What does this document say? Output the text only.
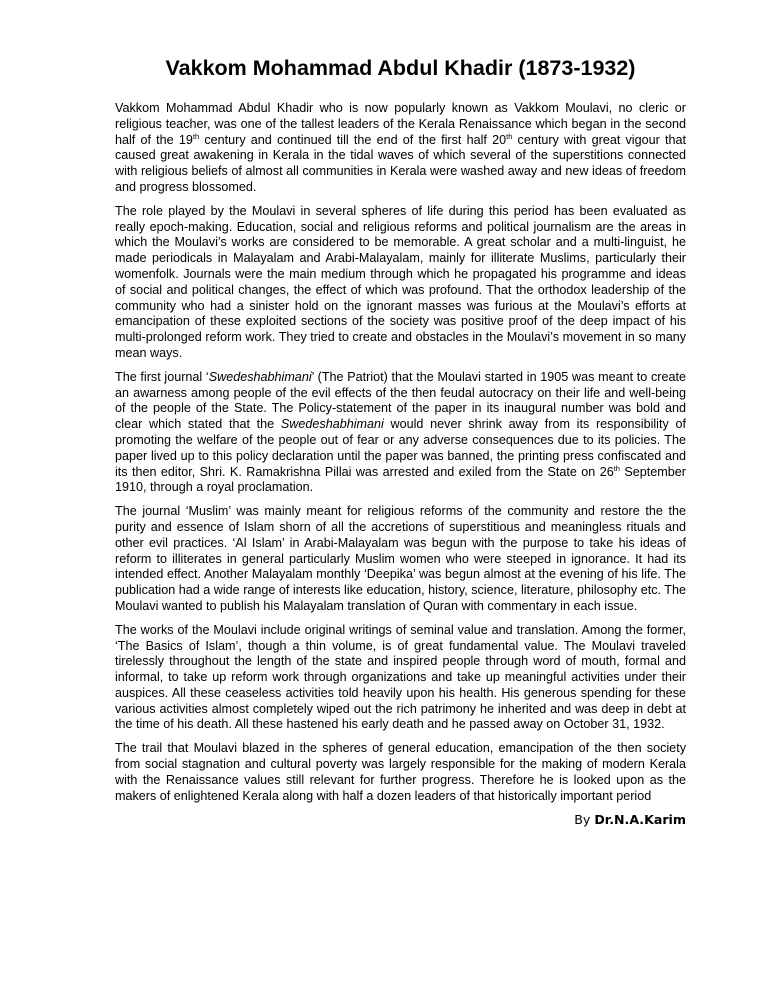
Vakkom Mohammad Abdul Khadir (1873-1932)

Vakkom Mohammad Abdul Khadir who is now popularly known as Vakkom Moulavi, no cleric or religious teacher, was one of the tallest leaders of the Kerala Renaissance which began in the second half of the 19th century and continued till the end of the first half 20th century with great vigour that caused great awakening in Kerala in the tidal waves of which several of the superstitions connected with religious beliefs of almost all communities in Kerala were washed away and new ideas of freedom and progress blossomed.

The role played by the Moulavi in several spheres of life during this period has been evaluated as really epoch-making. Education, social and religious reforms and political journalism are the areas in which the Moulavi’s works are considered to be memorable. A great scholar and a multi-linguist, he made periodicals in Malayalam and Arabi-Malayalam, mainly for illiterate Muslims, particularly their womenfolk. Journals were the main medium through which he propagated his programme and ideas of social and political changes, the effect of which was profound. That the orthodox leadership of the community who had a sinister hold on the ignorant masses was furious at the Moulavi’s efforts at emancipation of these exploited sections of the society was positive proof of the deep impact of his multi-prolonged reform work. They tried to create and obstacles in the Moulavi’s movement in so many mean ways.

The first journal ‘Swedeshabhimani’ (The Patriot) that the Moulavi started in 1905 was meant to create an awarness among people of the evil effects of the then feudal autocracy on their life and well-being of the people of the State. The Policy-statement of the paper in its inaugural number was bold and clear which stated that the Swedeshabhimani would never shrink away from its responsibility of promoting the welfare of the people out of fear or any adverse consequences due to its policies. The paper lived up to this policy declaration until the paper was banned, the printing press confiscated and its then editor, Shri. K. Ramakrishna Pillai was arrested and exiled from the State on 26th September 1910, through a royal proclamation.

The journal ‘Muslim’ was mainly meant for religious reforms of the community and restore the the purity and essence of Islam shorn of all the accretions of superstitious and meaningless rituals and other evil practices. ‘Al Islam’ in Arabi-Malayalam was begun with the purpose to take his ideas of reform to illiterates in general particularly Muslim women who were steeped in ignorance. It had its intended effect. Another Malayalam monthly ‘Deepika’ was begun almost at the evening of his life. The publication had a wide range of interests like education, history, science, literature, philosophy etc. The Moulavi wanted to publish his Malayalam translation of Quran with commentary in each issue.

The works of the Moulavi include original writings of seminal value and translation. Among the former, ‘The Basics of Islam’, though a thin volume, is of great fundamental value. The Moulavi traveled tirelessly throughout the length of the state and inspired people through word of mouth, formal and informal, to take up reform work through organizations and take up meaningful activities under their auspices. All these ceaseless activities told heavily upon his health. His generous spending for these various activities almost completely wiped out the rich patrimony he inherited and was deep in debt at the time of his death. All these hastened his early death and he passed away on October 31, 1932.

The trail that Moulavi blazed in the spheres of general education, emancipation of the then society from social stagnation and cultural poverty was largely responsible for the making of modern Kerala with the Renaissance values still relevant for further progress. Therefore he is looked upon as the makers of enlightened Kerala along with half a dozen leaders of that historically important period

By Dr.N.A.Karim
